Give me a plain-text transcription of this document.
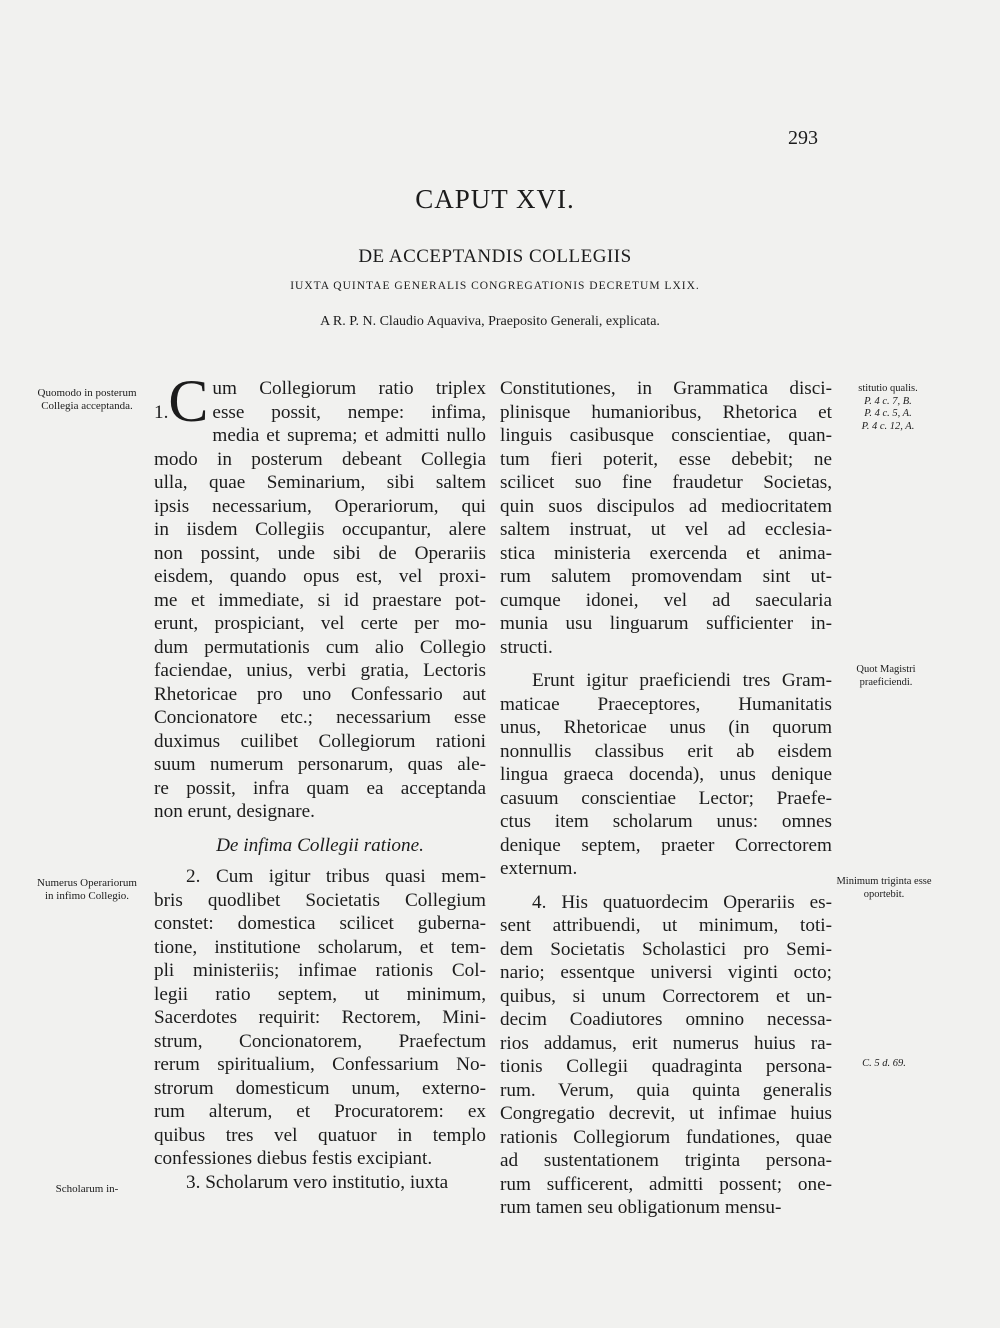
293
CAPUT XVI.
DE ACCEPTANDIS COLLEGIIS
IUXTA QUINTAE GENERALIS CONGREGATIONIS DECRETUM LXIX.
A R. P. N. Claudio Aquaviva, Praeposito Generali, explicata.
Quomodo in posterum Collegia acceptanda.
Numerus Operariorum in infimo Collegio.
Scholarum in-
stitutio qualis.
P. 4 c. 7, B.
P. 4 c. 5, A.
P. 4 c. 12, A.
Quot Magistri praeficiendi.
Minimum triginta esse oportebit.
C. 5 d. 69.
1. C um Collegiorum ratio triplex

esse possit, nempe: infima,

media et suprema; et admitti nullo

modo in posterum debeant Collegia

ulla, quae Seminarium, sibi saltem

ipsis necessarium, Operariorum, qui

in iisdem Collegiis occupantur, alere

non possint, unde sibi de Operariis

eisdem, quando opus est, vel proxi-

me et immediate, si id praestare pot-

erunt, prospiciant, vel certe per mo-

dum permutationis cum alio Collegio

faciendae, unius, verbi gratia, Lectoris

Rhetoricae pro uno Confessario aut

Concionatore etc.; necessarium esse

duximus cuilibet Collegiorum rationi

suum numerum personarum, quas ale-

re possit, infra quam ea acceptanda

non erunt, designare.

De infima Collegii ratione.

2. Cum igitur tribus quasi mem-

bris quodlibet Societatis Collegium

constet: domestica scilicet guberna-

tione, institutione scholarum, et tem-

pli ministeriis; infimae rationis Col-

legii ratio septem, ut minimum,

Sacerdotes requirit: Rectorem, Mini-

strum, Concionatorem, Praefectum

rerum spiritualium, Confessarium No-

strorum domesticum unum, externo-

rum alterum, et Procuratorem: ex

quibus tres vel quatuor in templo

confessiones diebus festis excipiant.

3. Scholarum vero institutio, iuxta

Constitutiones, in Grammatica disci-

plinisque humanioribus, Rhetorica et

linguis casibusque conscientiae, quan-

tum fieri poterit, esse debebit; ne

scilicet suo fine fraudetur Societas,

quin suos discipulos ad mediocritatem

saltem instruat, ut vel ad ecclesia-

stica ministeria exercenda et anima-

rum salutem promovendam sint ut-

cumque idonei, vel ad saecularia

munia usu linguarum sufficienter in-

structi.

Erunt igitur praeficiendi tres Gram-

maticae Praeceptores, Humanitatis

unus, Rhetoricae unus (in quorum

nonnullis classibus erit ab eisdem

lingua graeca docenda), unus denique

casuum conscientiae Lector; Praefe-

ctus item scholarum unus: omnes

denique septem, praeter Correctorem

externum.

4. His quatuordecim Operariis es-

sent attribuendi, ut minimum, toti-

dem Societatis Scholastici pro Semi-

nario; essentque universi viginti octo;

quibus, si unum Correctorem et un-

decim Coadiutores omnino necessa-

rios addamus, erit numerus huius ra-

tionis Collegii quadraginta persona-

rum. Verum, quia quinta generalis

Congregatio decrevit, ut infimae huius

rationis Collegiorum fundationes, quae

ad sustentationem triginta persona-

rum sufficerent, admitti possent; one-

rum tamen seu obligationum mensu-
